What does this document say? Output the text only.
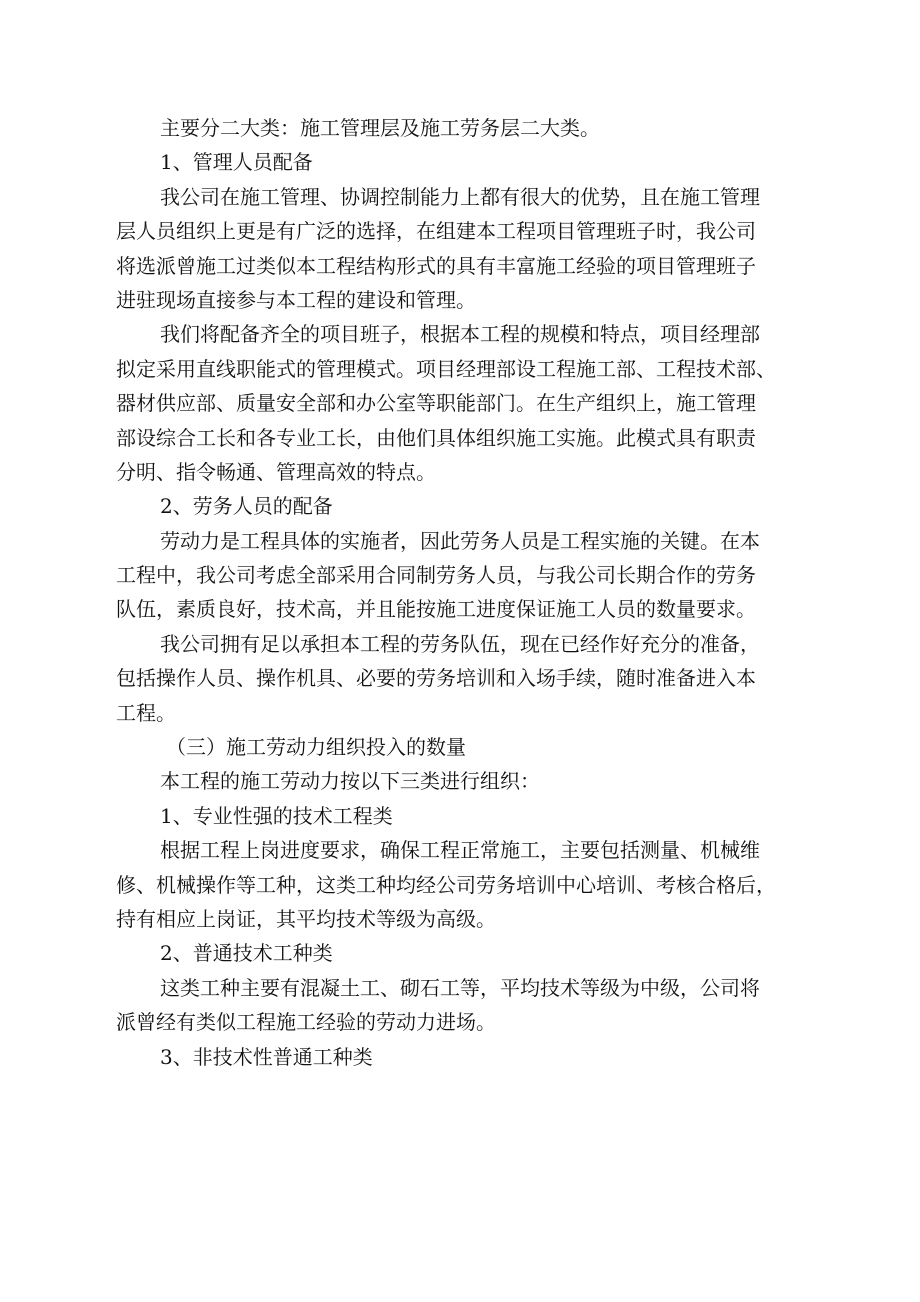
主要分二大类：施工管理层及施工劳务层二大类。
1、管理人员配备
我公司在施工管理、协调控制能力上都有很大的优势，且在施工管理
层人员组织上更是有广泛的选择，在组建本工程项目管理班子时，我公司
将选派曾施工过类似本工程结构形式的具有丰富施工经验的项目管理班子
进驻现场直接参与本工程的建设和管理。
我们将配备齐全的项目班子，根据本工程的规模和特点，项目经理部
拟定采用直线职能式的管理模式。项目经理部设工程施工部、工程技术部、
器材供应部、质量安全部和办公室等职能部门。在生产组织上，施工管理
部设综合工长和各专业工长，由他们具体组织施工实施。此模式具有职责
分明、指令畅通、管理高效的特点。
2、劳务人员的配备
劳动力是工程具体的实施者，因此劳务人员是工程实施的关键。在本
工程中，我公司考虑全部采用合同制劳务人员，与我公司长期合作的劳务
队伍，素质良好，技术高，并且能按施工进度保证施工人员的数量要求。
我公司拥有足以承担本工程的劳务队伍，现在已经作好充分的准备，
包括操作人员、操作机具、必要的劳务培训和入场手续，随时准备进入本
工程。
（三）施工劳动力组织投入的数量
本工程的施工劳动力按以下三类进行组织：
1、专业性强的技术工程类
根据工程上岗进度要求，确保工程正常施工，主要包括测量、机械维
修、机械操作等工种，这类工种均经公司劳务培训中心培训、考核合格后，
持有相应上岗证，其平均技术等级为高级。
2、普通技术工种类
这类工种主要有混凝土工、砌石工等，平均技术等级为中级，公司将
派曾经有类似工程施工经验的劳动力进场。
3、非技术性普通工种类
